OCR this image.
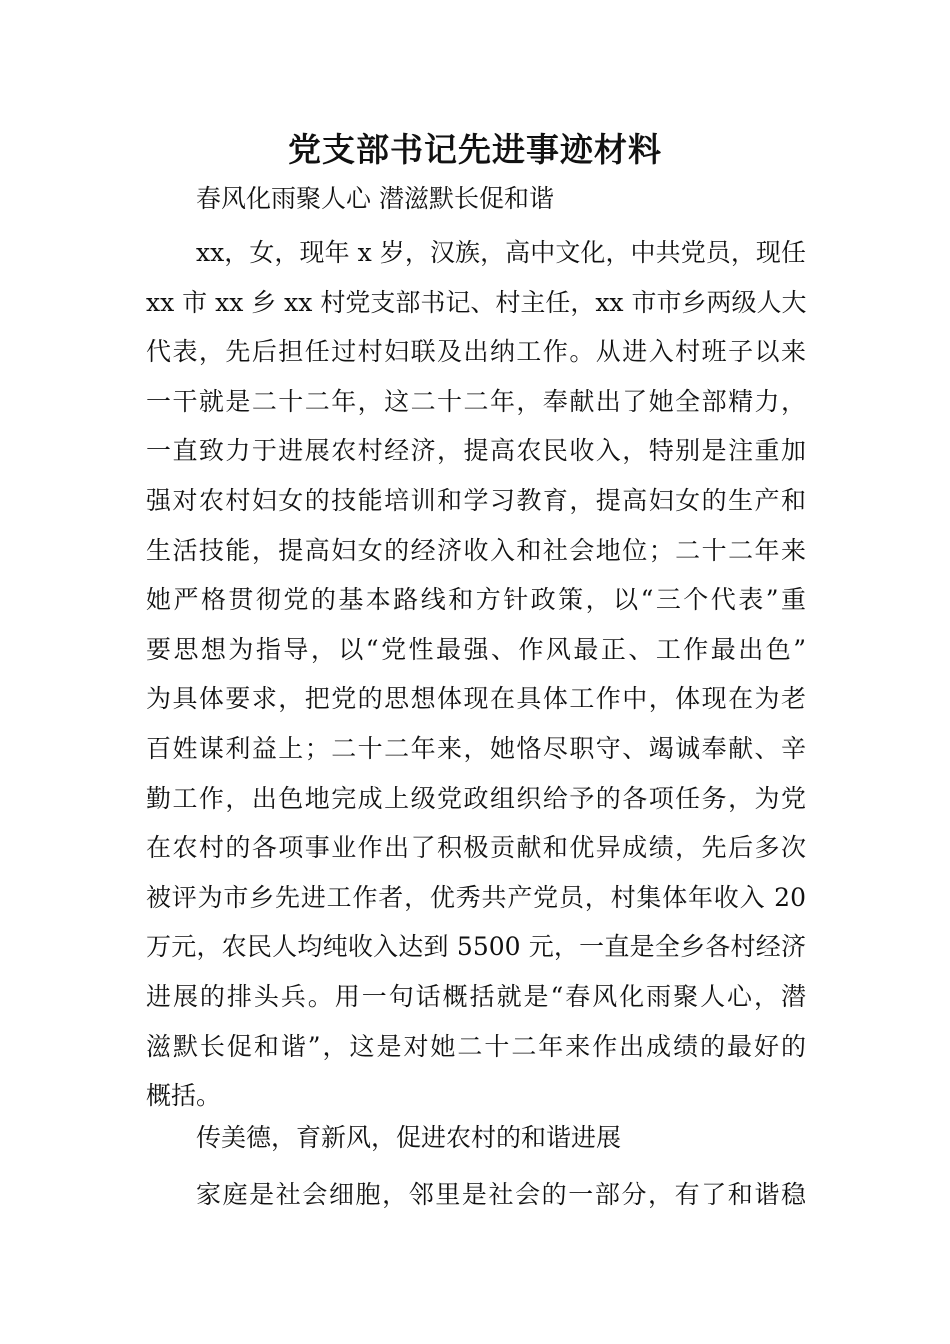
党支部书记先进事迹材料
春风化雨聚人心 潜滋默长促和谐
xx，女，现年 x 岁，汉族，高中文化，中共党员，现任
xx 市 xx 乡 xx 村党支部书记、村主任，xx 市市乡两级人大
代表，先后担任过村妇联及出纳工作。从进入村班子以来
一干就是二十二年，这二十二年，奉献出了她全部精力，
一直致力于进展农村经济，提高农民收入，特别是注重加
强对农村妇女的技能培训和学习教育，提高妇女的生产和
生活技能，提高妇女的经济收入和社会地位；二十二年来
她严格贯彻党的基本路线和方针政策，以“三个代表”重
要思想为指导，以“党性最强、作风最正、工作最出色”
为具体要求，把党的思想体现在具体工作中，体现在为老
百姓谋利益上；二十二年来，她恪尽职守、竭诚奉献、辛
勤工作，出色地完成上级党政组织给予的各项任务，为党
在农村的各项事业作出了积极贡献和优异成绩，先后多次
被评为市乡先进工作者，优秀共产党员，村集体年收入 20
万元，农民人均纯收入达到 5500 元，一直是全乡各村经济
进展的排头兵。用一句话概括就是“春风化雨聚人心，潜
滋默长促和谐”，这是对她二十二年来作出成绩的最好的
概括。
传美德，育新风，促进农村的和谐进展
家庭是社会细胞，邻里是社会的一部分，有了和谐稳
